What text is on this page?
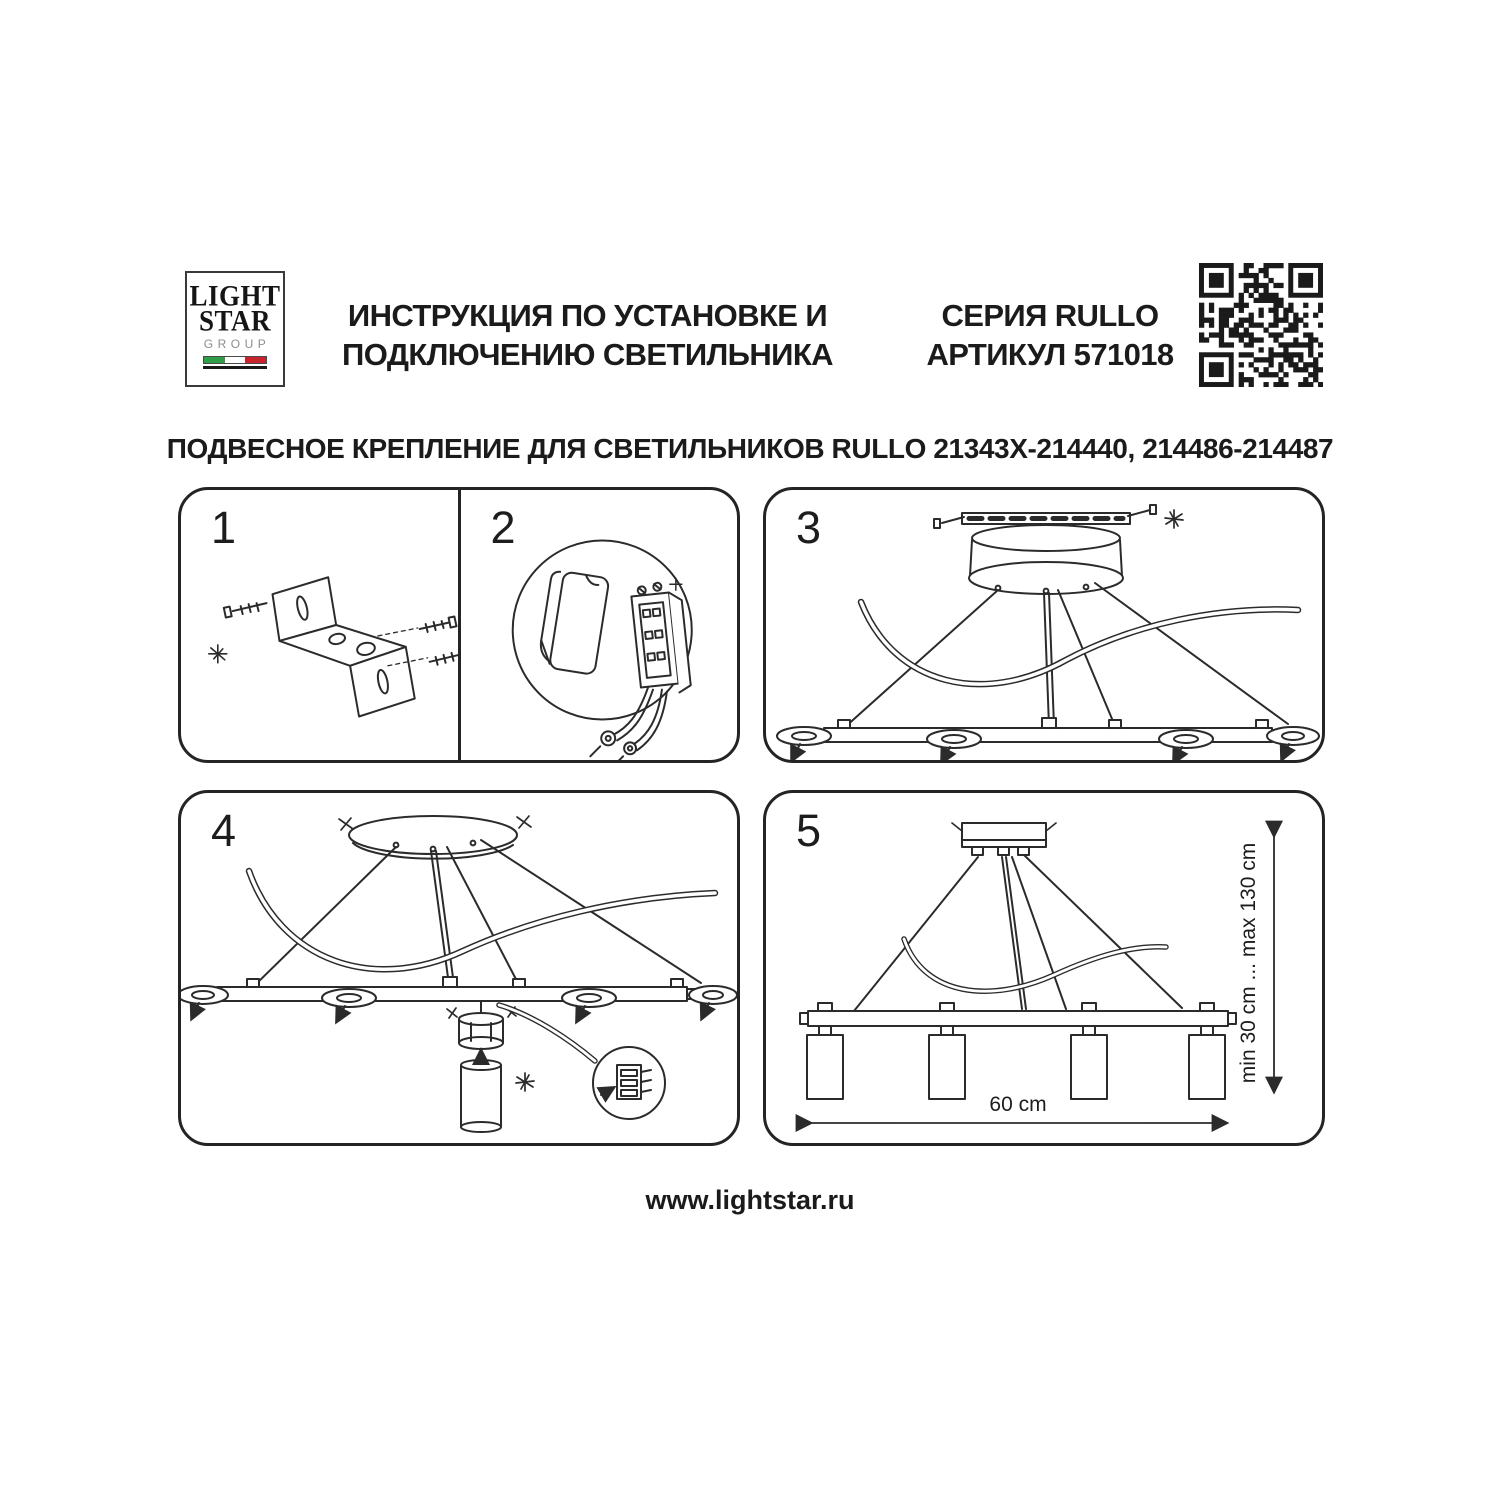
LIGHT
STAR
GROUP
ИНСТРУКЦИЯ ПО УСТАНОВКЕ И
ПОДКЛЮЧЕНИЮ СВЕТИЛЬНИКА
СЕРИЯ RULLO
АРТИКУЛ 571018
ПОДВЕСНОЕ КРЕПЛЕНИЕ ДЛЯ СВЕТИЛЬНИКОВ RULLO 21343X-214440, 214486-214487
1	2	3
4	5
60 cm
min 30 cm ... max 130 cm
www.lightstar.ru
